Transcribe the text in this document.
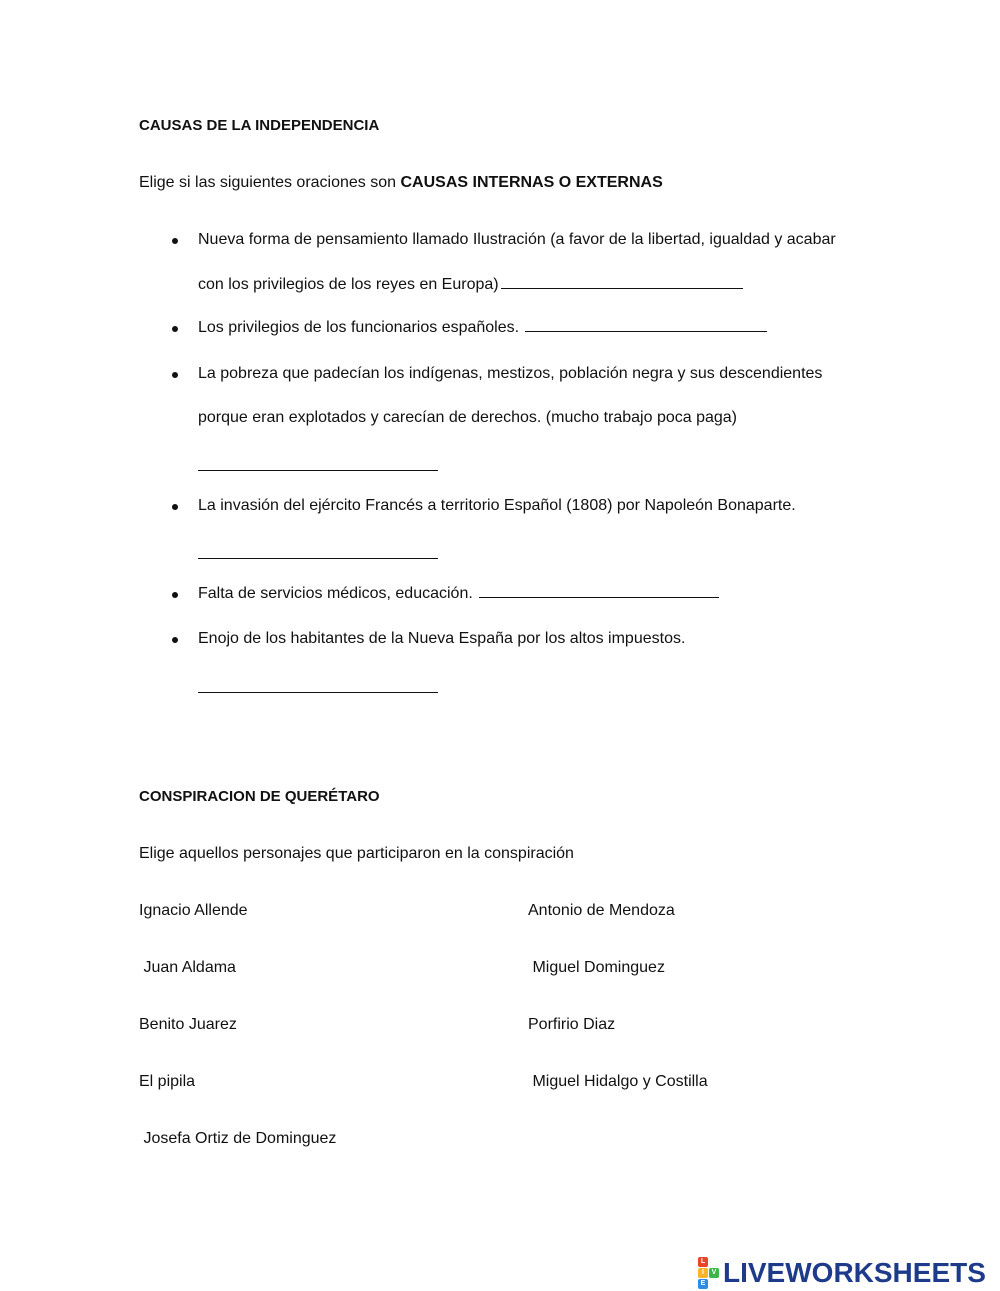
CAUSAS DE LA INDEPENDENCIA
Elige si las siguientes oraciones son CAUSAS INTERNAS O EXTERNAS
Nueva forma de pensamiento llamado Ilustración (a favor de la libertad, igualdad y acabar
con los privilegios de los reyes en Europa)
Los privilegios de los funcionarios españoles.
La pobreza que padecían los indígenas, mestizos, población negra y sus descendientes
porque eran explotados y carecían de derechos. (mucho trabajo poca paga)
La invasión del ejército Francés a territorio Español (1808) por Napoleón Bonaparte.
Falta de servicios médicos, educación.
Enojo de los habitantes de la Nueva España por los altos impuestos.
CONSPIRACION DE QUERÉTARO
Elige aquellos personajes que participaron en la conspiración
Ignacio Allende
Juan Aldama
Benito Juarez
El pipila
Josefa Ortiz de Dominguez
Antonio de Mendoza
Miguel Dominguez
Porfirio Diaz
Miguel Hidalgo y Costilla
L
I	V
E LIVEWORKSHEETS
